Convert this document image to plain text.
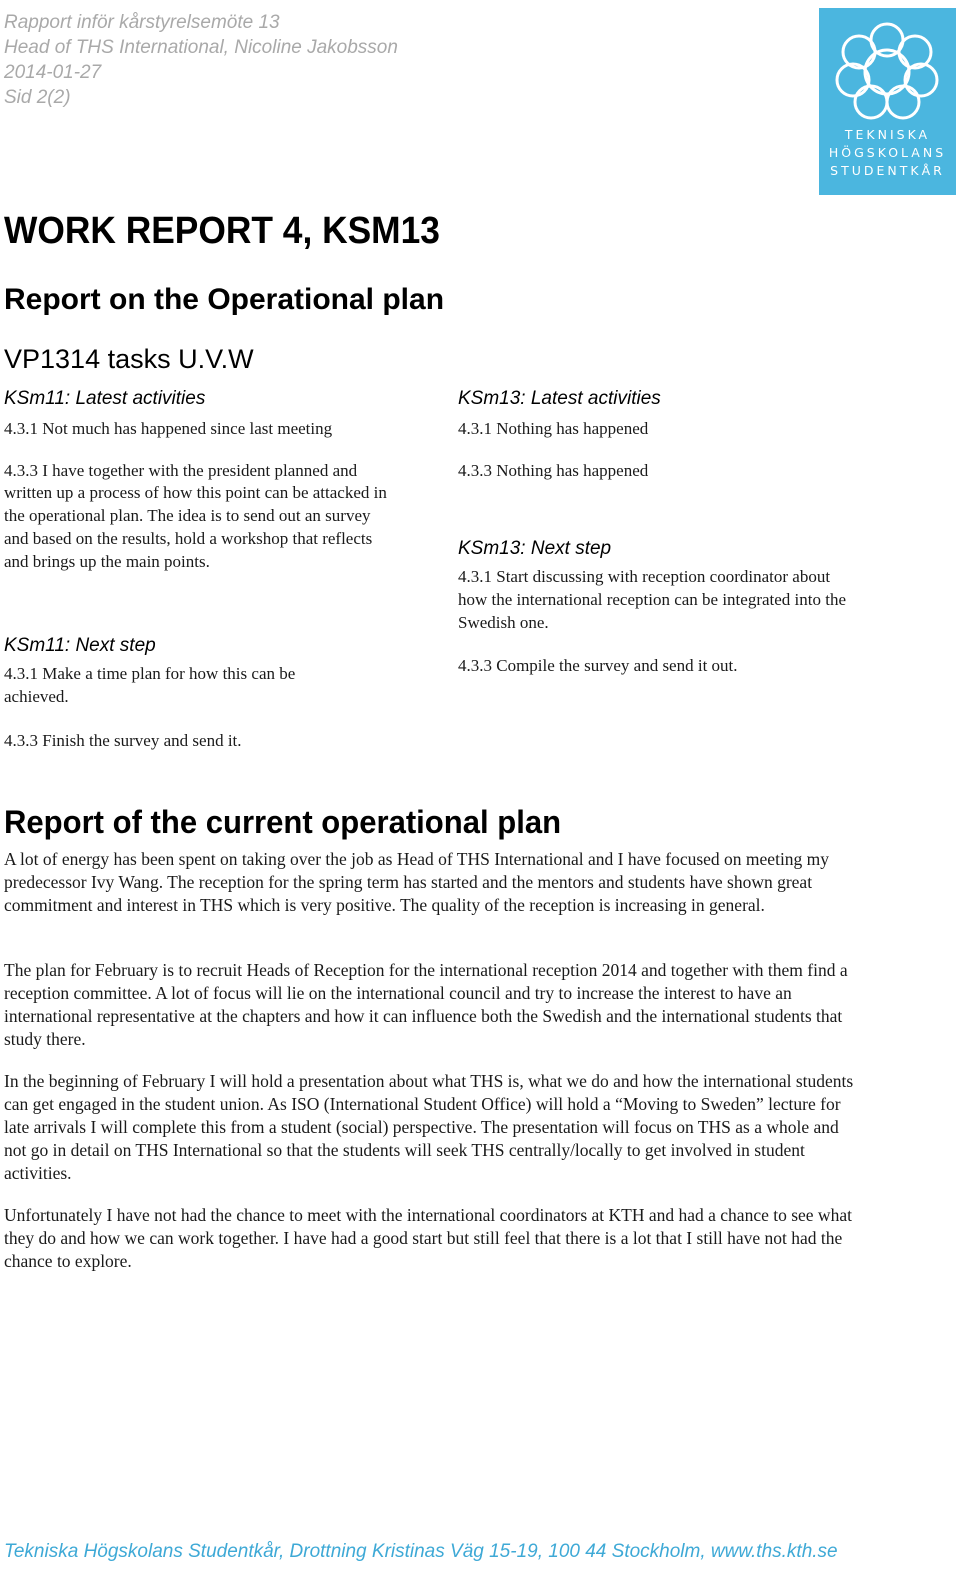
Rapport inför kårstyrelsemöte 13
Head of THS International, Nicoline Jakobsson
2014-01-27
Sid 2(2)
TEKNISKA
HÖGSKOLANS
STUDENTKÅR
WORK REPORT 4, KSM13
Report on the Operational plan
VP1314 tasks U.V.W
KSm11: Latest activities

4.3.1 Not much has happened since last meeting

4.3.3 I have together with the president planned and written up a process of how this point can be attacked in the operational plan. The idea is to send out an survey and based on the results, hold a workshop that reflects and brings up the main points.

KSm11: Next step

4.3.1 Make a time plan for how this can be achieved.

4.3.3 Finish the survey and send it.

KSm13: Latest activities

4.3.1 Nothing has happened

4.3.3 Nothing has happened

KSm13: Next step

4.3.1 Start discussing with reception coordinator about how the international reception can be integrated into the Swedish one.

4.3.3 Compile the survey and send it out.

Report of the current operational plan

A lot of energy has been spent on taking over the job as Head of THS International and I have focused on meeting my predecessor Ivy Wang. The reception for the spring term has started and the mentors and students have shown great commitment and interest in THS which is very positive. The quality of the reception is increasing in general.

The plan for February is to recruit Heads of Reception for the international reception 2014 and together with them find a reception committee. A lot of focus will lie on the international council and try to increase the interest to have an international representative at the chapters and how it can influence both the Swedish and the international students that study there.

In the beginning of February I will hold a presentation about what THS is, what we do and how the international students can get engaged in the student union. As ISO (International Student Office) will hold a “Moving to Sweden” lecture for late arrivals I will complete this from a student (social) perspective. The presentation will focus on THS as a whole and not go in detail on THS International so that the students will seek THS centrally/locally to get involved in student activities.

Unfortunately I have not had the chance to meet with the international coordinators at KTH and had a chance to see what they do and how we can work together. I have had a good start but still feel that there is a lot that I still have not had the chance to explore.

Tekniska Högskolans Studentkår, Drottning Kristinas Väg 15-19, 100 44 Stockholm, www.ths.kth.se
